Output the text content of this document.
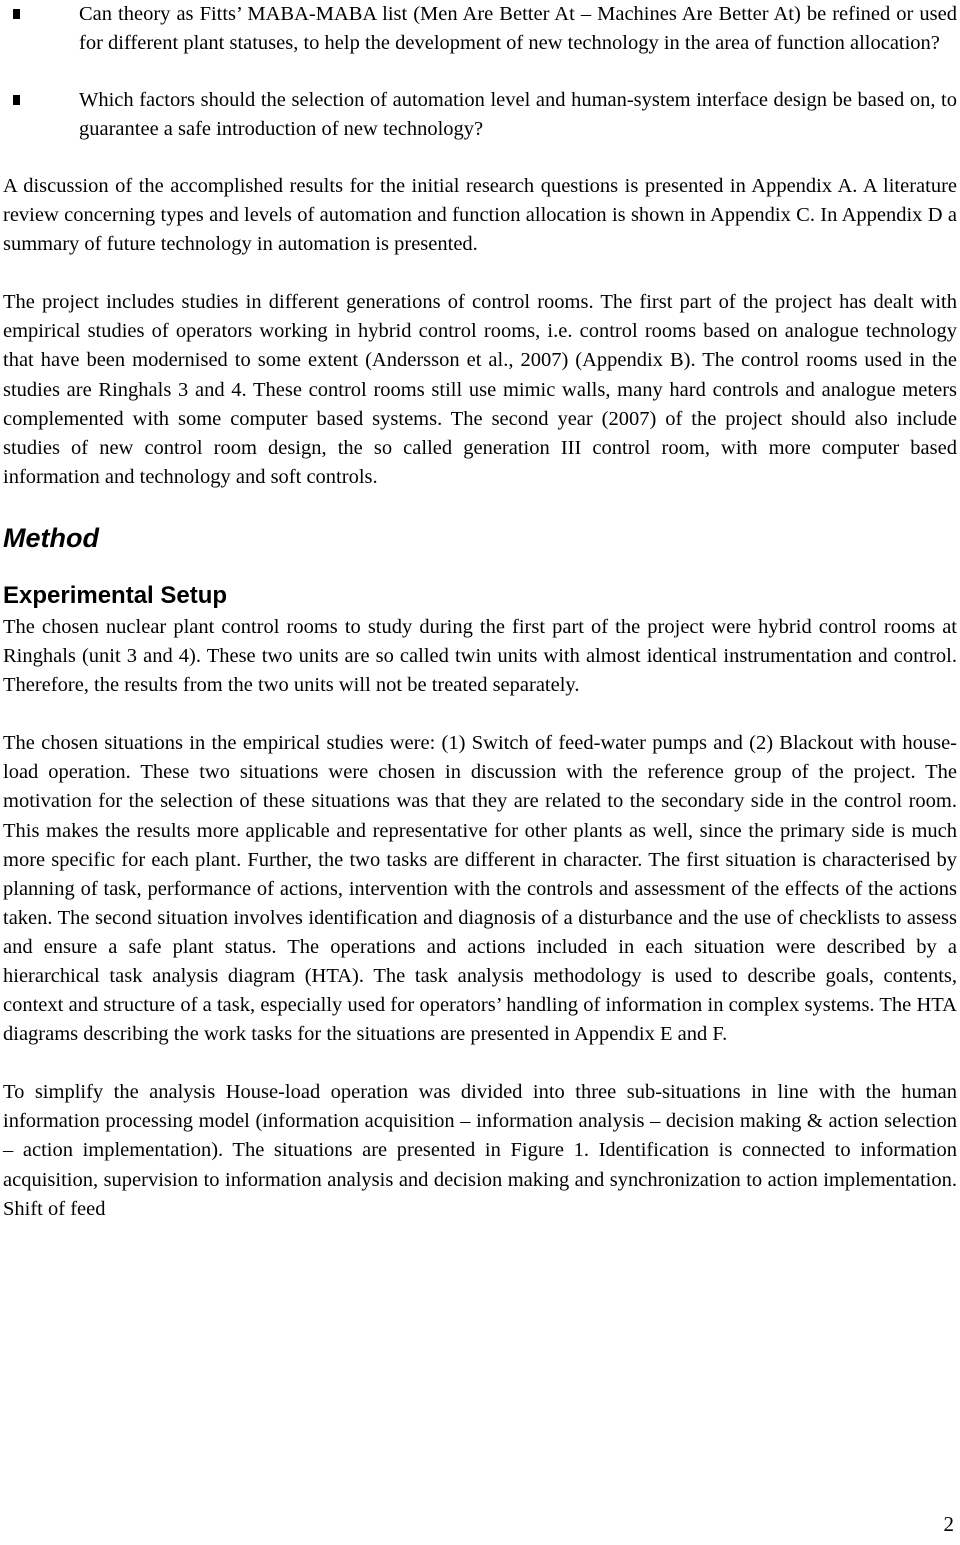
Can theory as Fitts’ MABA-MABA list (Men Are Better At – Machines Are Better At) be refined or used for different plant statuses, to help the development of new technology in the area of function allocation?
Which factors should the selection of automation level and human-system interface design be based on, to guarantee a safe introduction of new technology?

A discussion of the accomplished results for the initial research questions is presented in Appendix A. A literature review concerning types and levels of automation and function allocation is shown in Appendix C. In Appendix D a summary of future technology in automation is presented.

The project includes studies in different generations of control rooms. The first part of the project has dealt with empirical studies of operators working in hybrid control rooms, i.e. control rooms based on analogue technology that have been modernised to some extent (Andersson et al., 2007) (Appendix B). The control rooms used in the studies are Ringhals 3 and 4. These control rooms still use mimic walls, many hard controls and analogue meters complemented with some computer based systems. The second year (2007) of the project should also include studies of new control room design, the so called generation III control room, with more computer based information and technology and soft controls.

Method
Experimental Setup

The chosen nuclear plant control rooms to study during the first part of the project were hybrid control rooms at Ringhals (unit 3 and 4). These two units are so called twin units with almost identical instrumentation and control. Therefore, the results from the two units will not be treated separately.

The chosen situations in the empirical studies were: (1) Switch of feed-water pumps and (2) Blackout with house-load operation. These two situations were chosen in discussion with the reference group of the project. The motivation for the selection of these situations was that they are related to the secondary side in the control room. This makes the results more applicable and representative for other plants as well, since the primary side is much more specific for each plant. Further, the two tasks are different in character. The first situation is characterised by planning of task, performance of actions, intervention with the controls and assessment of the effects of the actions taken. The second situation involves identification and diagnosis of a disturbance and the use of checklists to assess and ensure a safe plant status. The operations and actions included in each situation were described by a hierarchical task analysis diagram (HTA). The task analysis methodology is used to describe goals, contents, context and structure of a task, especially used for operators’ handling of information in complex systems. The HTA diagrams describing the work tasks for the situations are presented in Appendix E and F.

To simplify the analysis House-load operation was divided into three sub-situations in line with the human information processing model (information acquisition – information analysis – decision making & action selection – action implementation). The situations are presented in Figure 1. Identification is connected to information acquisition, supervision to information analysis and decision making and synchronization to action implementation. Shift of feed

2
